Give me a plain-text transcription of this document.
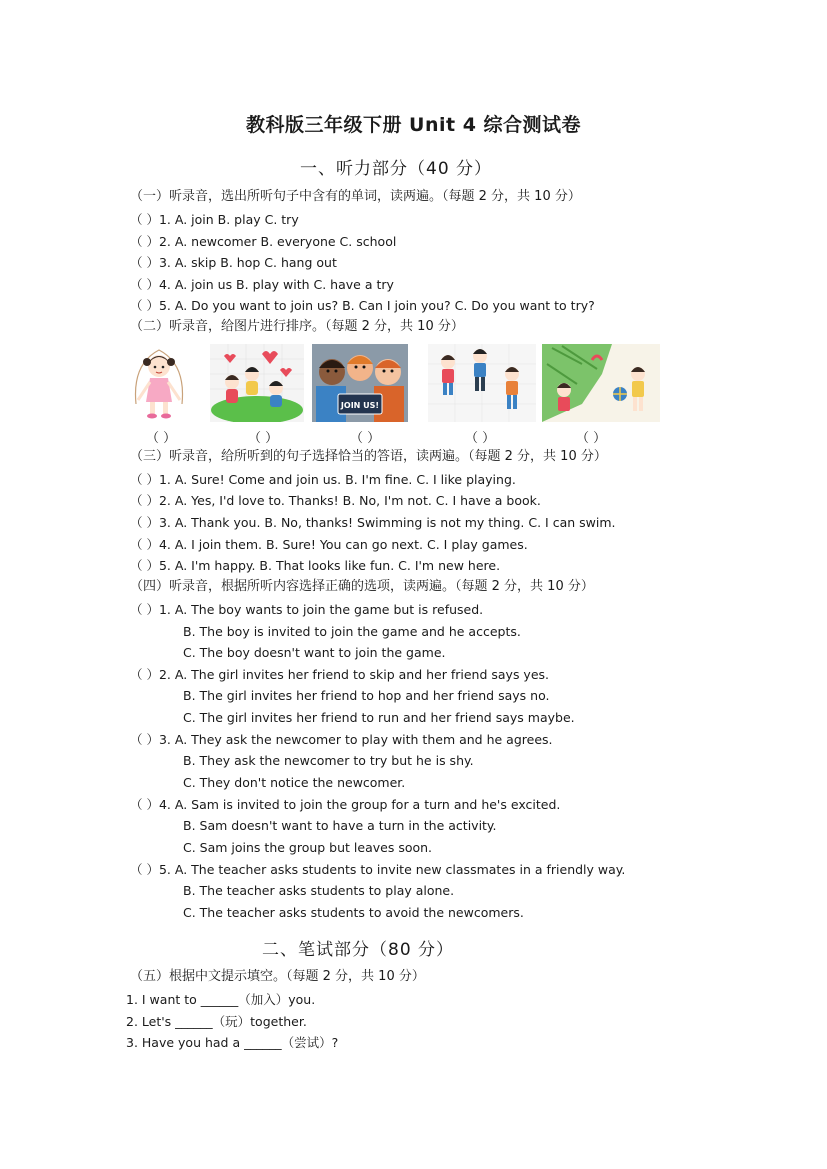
教科版三年级下册 Unit 4 综合测试卷
一、听力部分（40 分）
（一）听录音，选出所听句子中含有的单词，读两遍。（每题 2 分，共 10 分）
（ ）1. A. join B. play C. try
（ ）2. A. newcomer B. everyone C. school
（ ）3. A. skip B. hop C. hang out
（ ）4. A. join us B. play with C. have a try
（ ）5. A. Do you want to join us? B. Can I join you? C. Do you want to try?
（二）听录音，给图片进行排序。（每题 2 分，共 10 分）
JOIN US!
（ ）	（ ）	（ ）	（ ）	（ ）
（三）听录音，给所听到的句子选择恰当的答语，读两遍。（每题 2 分，共 10 分）
（ ）1. A. Sure! Come and join us. B. I'm fine. C. I like playing.
（ ）2. A. Yes, I'd love to. Thanks! B. No, I'm not. C. I have a book.
（ ）3. A. Thank you. B. No, thanks! Swimming is not my thing. C. I can swim.
（ ）4. A. I join them. B. Sure! You can go next. C. I play games.
（ ）5. A. I'm happy. B. That looks like fun. C. I'm new here.
（四）听录音，根据所听内容选择正确的选项，读两遍。（每题 2 分，共 10 分）
（ ）1. A. The boy wants to join the game but is refused.
B. The boy is invited to join the game and he accepts.
C. The boy doesn't want to join the game.
（ ）2. A. The girl invites her friend to skip and her friend says yes.
B. The girl invites her friend to hop and her friend says no.
C. The girl invites her friend to run and her friend says maybe.
（ ）3. A. They ask the newcomer to play with them and he agrees.
B. They ask the newcomer to try but he is shy.
C. They don't notice the newcomer.
（ ）4. A. Sam is invited to join the group for a turn and he's excited.
B. Sam doesn't want to have a turn in the activity.
C. Sam joins the group but leaves soon.
（ ）5. A. The teacher asks students to invite new classmates in a friendly way.
B. The teacher asks students to play alone.
C. The teacher asks students to avoid the newcomers.
二、笔试部分（80 分）
（五）根据中文提示填空。（每题 2 分，共 10 分）
1. I want to ______（加入）you.
2. Let's ______（玩）together.
3. Have you had a ______（尝试）?
